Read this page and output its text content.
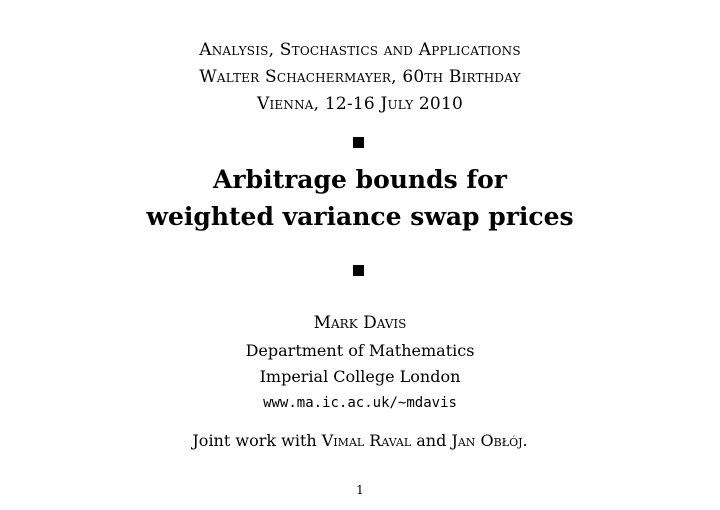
Analysis, Stochastics and Applications
Walter Schachermayer, 60th Birthday
Vienna, 12-16 July 2010
Arbitrage bounds for
weighted variance swap prices
Mark Davis
Department of Mathematics
Imperial College London
www.ma.ic.ac.uk/∼mdavis
Joint work with Vimal Raval and Jan Obłój.
1
